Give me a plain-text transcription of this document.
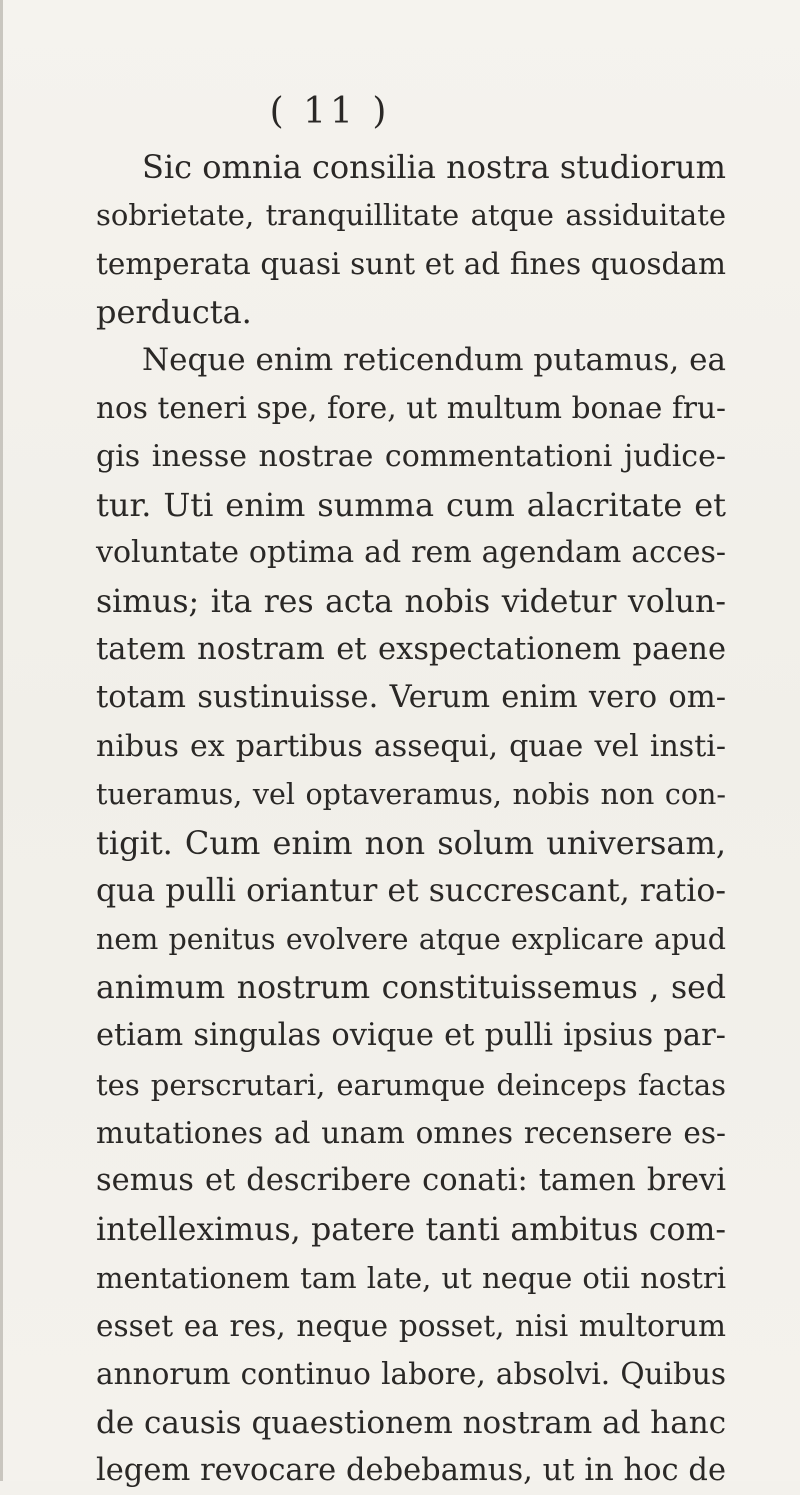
( 11 )
Sic omnia consilia nostra studiorum
sobrietate, tranquillitate atque assiduitate
temperata quasi sunt et ad fines quosdam
perducta.
Neque enim reticendum putamus, ea
nos teneri spe, fore, ut multum bonae fru-
gis inesse nostrae commentationi judice-
tur. Uti enim summa cum alacritate et
voluntate optima ad rem agendam acces-
simus; ita res acta nobis videtur volun-
tatem nostram et exspectationem paene
totam sustinuisse. Verum enim vero om-
nibus ex partibus assequi, quae vel insti-
tueramus, vel optaveramus, nobis non con-
tigit. Cum enim non solum universam,
qua pulli oriantur et succrescant, ratio-
nem penitus evolvere atque explicare apud
animum nostrum constituissemus , sed
etiam singulas ovique et pulli ipsius par-
tes perscrutari, earumque deinceps factas
mutationes ad unam omnes recensere es-
semus et describere conati: tamen brevi
intelleximus, patere tanti ambitus com-
mentationem tam late, ut neque otii nostri
esset ea res, neque posset, nisi multorum
annorum continuo labore, absolvi. Quibus
de causis quaestionem nostram ad hanc
legem revocare debebamus, ut in hoc de
